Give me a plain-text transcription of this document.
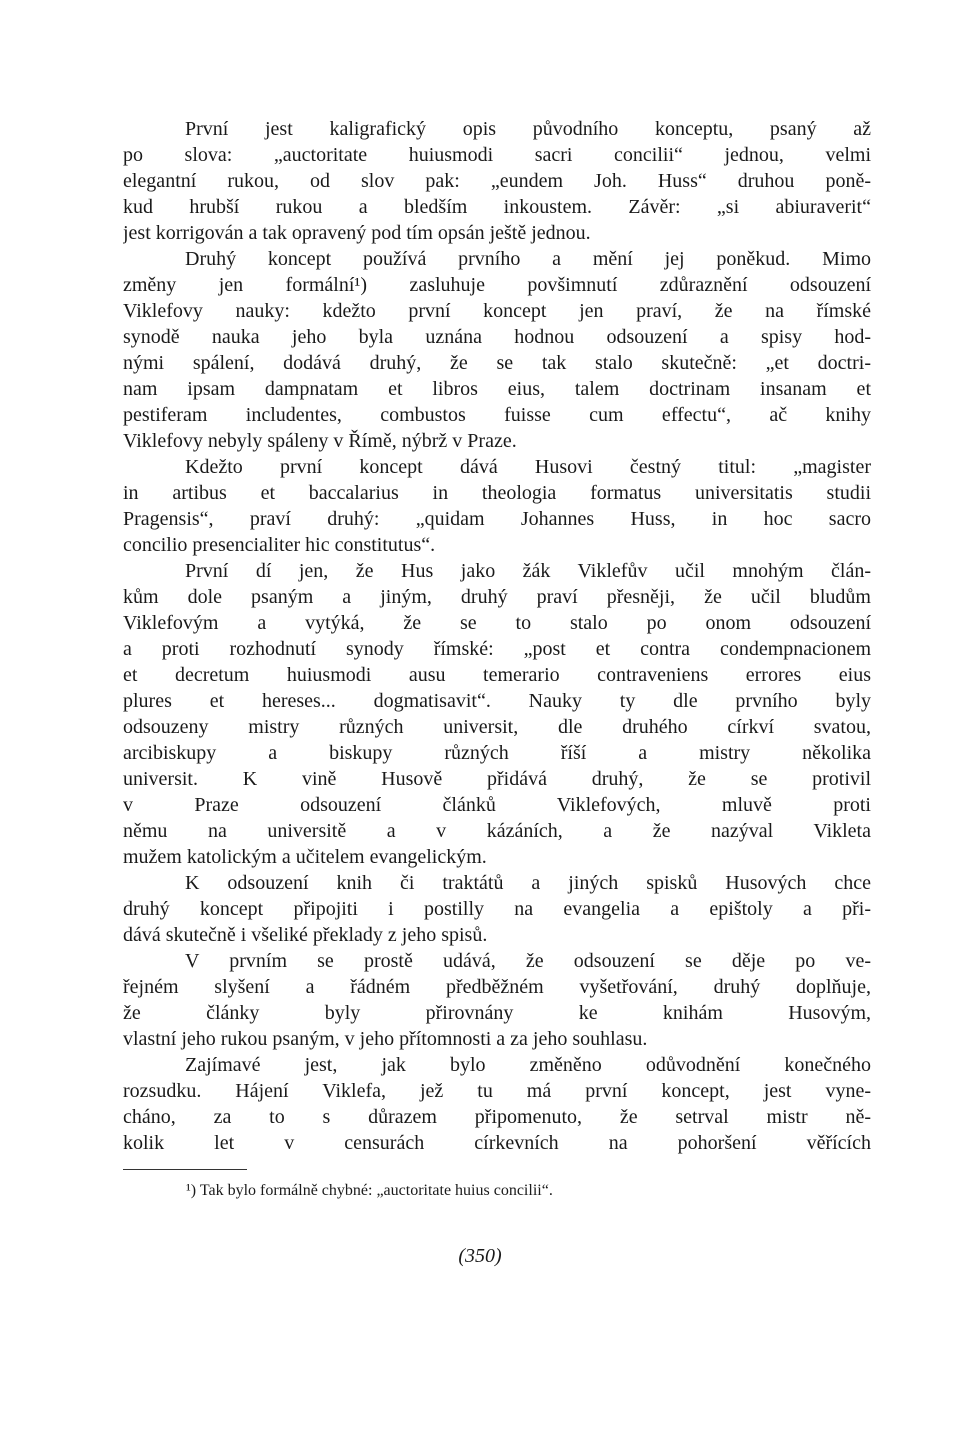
První jest kaligrafický opis původního konceptu, psaný až
po slova: „auctoritate huiusmodi sacri concilii“ jednou, velmi
elegantní rukou, od slov pak: „eundem Joh. Huss“ druhou poně-
kud hrubší rukou a bledším inkoustem. Závěr: „si abiuraverit“
jest korrigován a tak opravený pod tím opsán ještě jednou.
Druhý koncept používá prvního a mění jej poněkud. Mimo
změny jen formální¹) zasluhuje povšimnutí zdůraznění odsouzení
Viklefovy nauky: kdežto první koncept jen praví, že na římské
synodě nauka jeho byla uznána hodnou odsouzení a spisy hod-
nými spálení, dodává druhý, že se tak stalo skutečně: „et doctri-
nam ipsam dampnatam et libros eius, talem doctrinam insanam et
pestiferam includentes, combustos fuisse cum effectu“, ač knihy
Viklefovy nebyly spáleny v Římě, nýbrž v Praze.
Kdežto první koncept dává Husovi čestný titul: „magister
in artibus et baccalarius in theologia formatus universitatis studii
Pragensis“, praví druhý: „quidam Johannes Huss, in hoc sacro
concilio presencialiter hic constitutus“.
První dí jen, že Hus jako žák Viklefův učil mnohým člán-
kům dole psaným a jiným, druhý praví přesněji, že učil bludům
Viklefovým a vytýká, že se to stalo po onom odsouzení
a proti rozhodnutí synody římské: „post et contra condempnacionem
et decretum huiusmodi ausu temerario contraveniens errores eius
plures et hereses... dogmatisavit“. Nauky ty dle prvního byly
odsouzeny mistry různých universit, dle druhého církví svatou,
arcibiskupy a biskupy různých říší a mistry několika
universit. K vině Husově přidává druhý, že se protivil
v Praze odsouzení článků Viklefových, mluvě proti
němu na universitě a v kázáních, a že nazýval Vikleta
mužem katolickým a učitelem evangelickým.
K odsouzení knih či traktátů a jiných spisků Husových chce
druhý koncept připojiti i postilly na evangelia a epištoly a při-
dává skutečně i všeliké překlady z jeho spisů.
V prvním se prostě udává, že odsouzení se děje po ve-
řejném slyšení a řádném předběžném vyšetřování, druhý doplňuje,
že články byly přirovnány ke knihám Husovým,
vlastní jeho rukou psaným, v jeho přítomnosti a za jeho souhlasu.
Zajímavé jest, jak bylo změněno odůvodnění konečného
rozsudku. Hájení Viklefa, jež tu má první koncept, jest vyne-
cháno, za to s důrazem připomenuto, že setrval mistr ně-
kolik let v censurách církevních na pohoršení věřících
¹) Tak bylo formálně chybné: „auctoritate huius concilii“.
(350)
